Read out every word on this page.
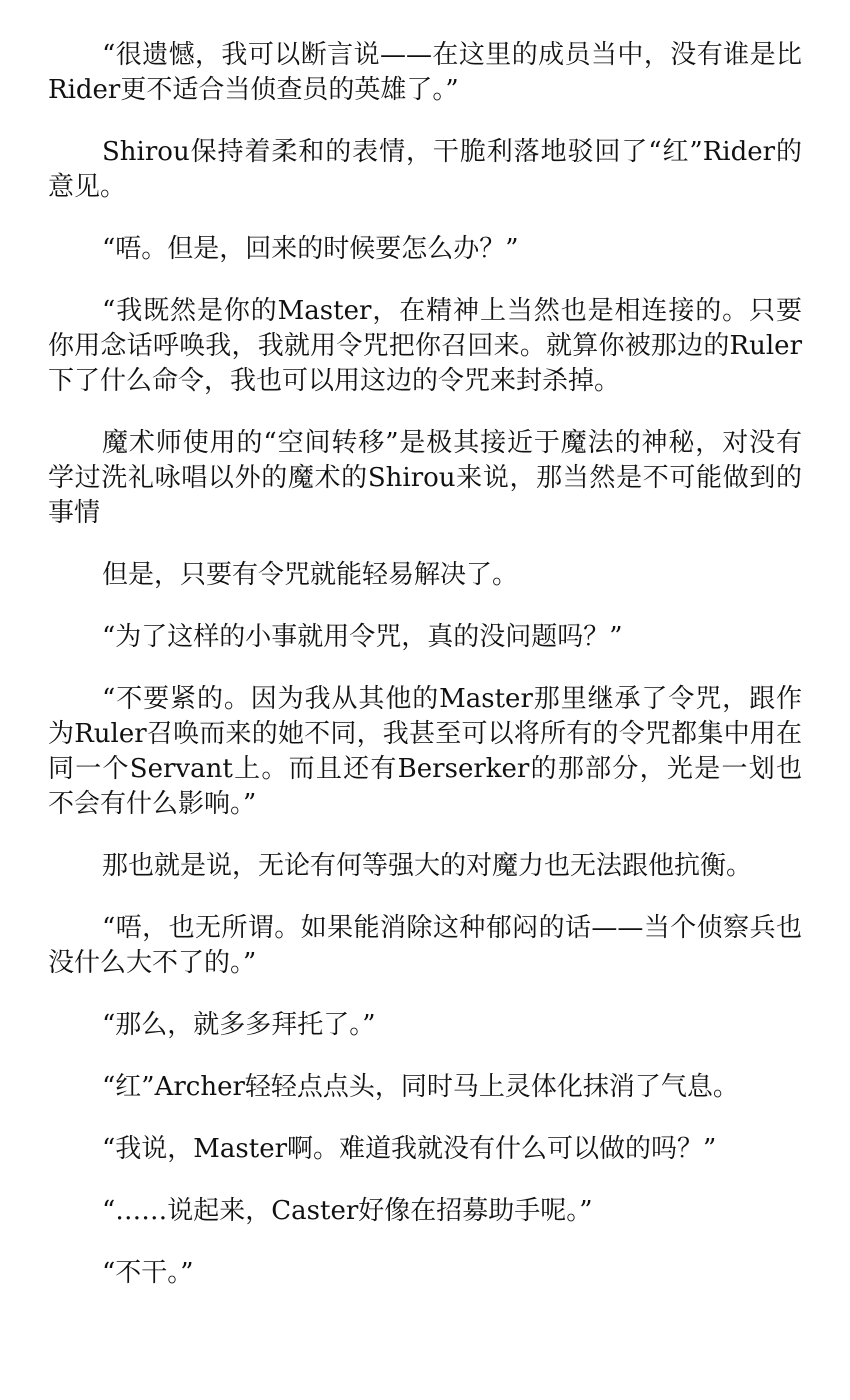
“很遗憾，我可以断言说——在这里的成员当中，没有谁是比Rider更不适合当侦查员的英雄了。”

Shirou保持着柔和的表情，干脆利落地驳回了“红”Rider的意见。

“唔。但是，回来的时候要怎么办？”

“我既然是你的Master，在精神上当然也是相连接的。只要你用念话呼唤我，我就用令咒把你召回来。就算你被那边的Ruler下了什么命令，我也可以用这边的令咒来封杀掉。

魔术师使用的“空间转移”是极其接近于魔法的神秘，对没有学过洗礼咏唱以外的魔术的Shirou来说，那当然是不可能做到的事情

但是，只要有令咒就能轻易解决了。

“为了这样的小事就用令咒，真的没问题吗？”

“不要紧的。因为我从其他的Master那里继承了令咒，跟作为Ruler召唤而来的她不同，我甚至可以将所有的令咒都集中用在同一个Servant上。而且还有Berserker的那部分，光是一划也不会有什么影响。”

那也就是说，无论有何等强大的对魔力也无法跟他抗衡。

“唔，也无所谓。如果能消除这种郁闷的话——当个侦察兵也没什么大不了的。”

“那么，就多多拜托了。”

“红”Archer轻轻点点头，同时马上灵体化抹消了气息。

“我说，Master啊。难道我就没有什么可以做的吗？”

“……说起来，Caster好像在招募助手呢。”

“不干。”
